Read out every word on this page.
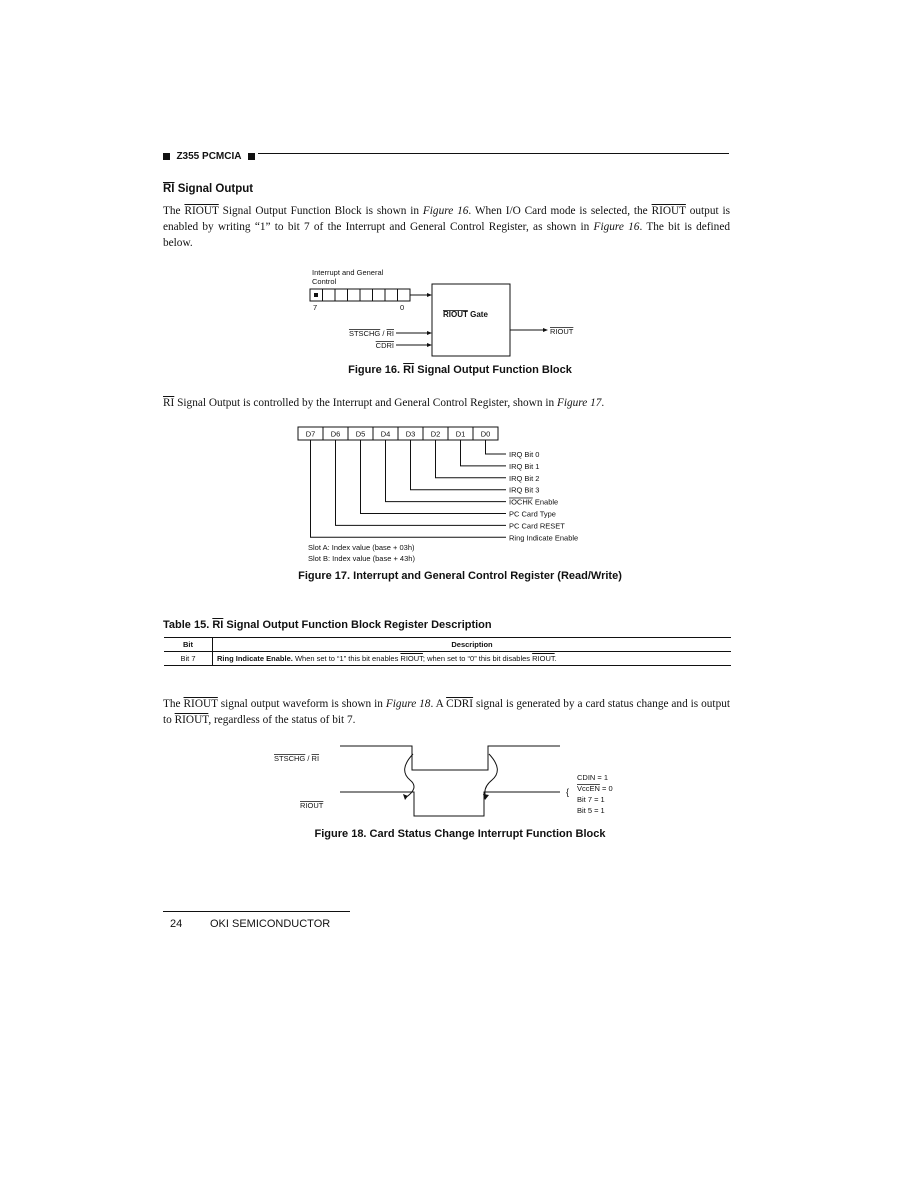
Z355 PCMCIA
$\overline{RI}$ Signal Output
The RIOUT Signal Output Function Block is shown in Figure 16. When I/O Card mode is selected, the RIOUT output is enabled by writing “1” to bit 7 of the Interrupt and General Control Register, as shown in Figure 16. The bit is defined below.
Interrupt and General
Control
7	0
RIOUT Gate
STSCHG / RI
CDRI
RIOUT
Figure 16. $\overline{RI}$ Signal Output Function Block
$\overline{RI}$ Signal Output is controlled by the Interrupt and General Control Register, shown in Figure 17.
D7 D6 D5 D4 D3 D2 D1 D0
IRQ Bit 0
IRQ Bit 1
IRQ Bit 2
IRQ Bit 3
IOCHK Enable
PC Card Type
PC Card RESET
Ring Indicate Enable
Slot A: Index value (base + 03h)
Slot B: Index value (base + 43h)
Figure 17. Interrupt and General Control Register (Read/Write)
Table 15. $\overline{RI}$ Signal Output Function Block Register Description
Bit	Description
Bit 7	Ring Indicate Enable. When set to “1” this bit enables RIOUT; when set to “0” this bit disables RIOUT.
The RIOUT signal output waveform is shown in Figure 18. A CDRI signal is generated by a card status change and is output to RIOUT, regardless of the status of bit 7.
STSCHG / RI
RIOUT
{
CDIN = 1
VccEN = 0
Bit 7 = 1
Bit 5 = 1
Figure 18. Card Status Change Interrupt Function Block
24	OKI SEMICONDUCTOR
